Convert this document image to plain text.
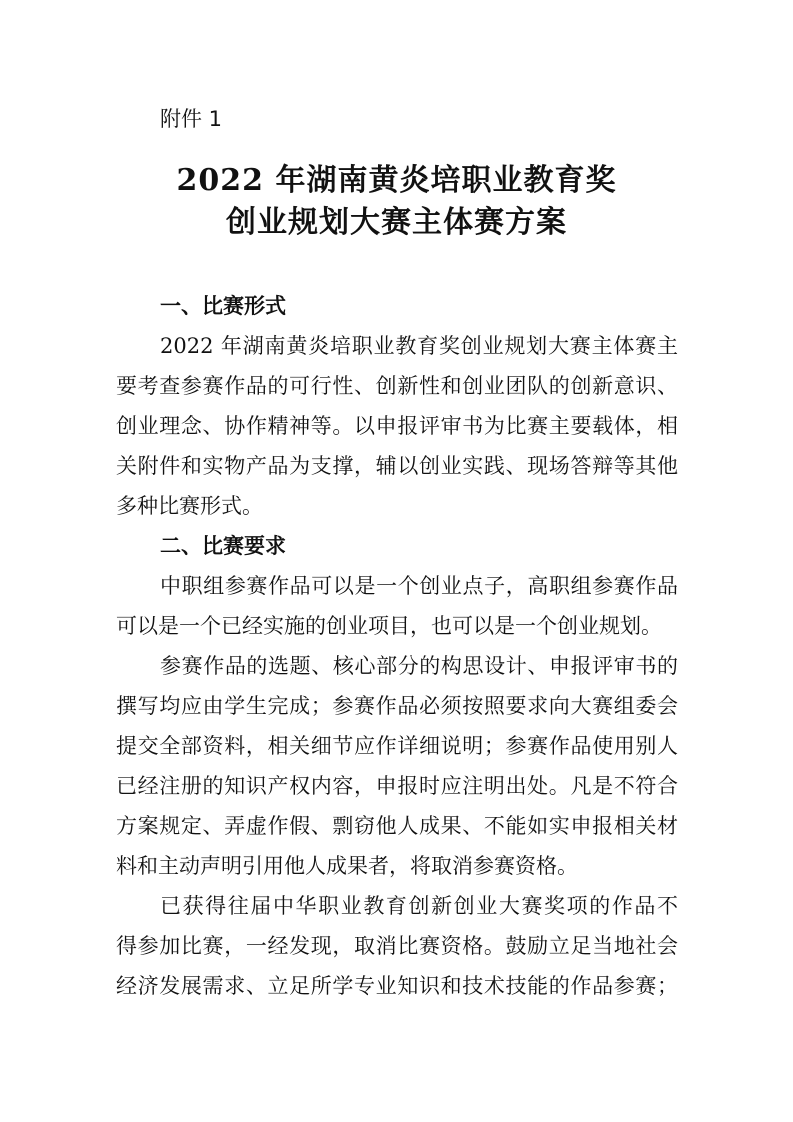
附件 1
2022 年湖南黄炎培职业教育奖
创业规划大赛主体赛方案
一、比赛形式
2022 年湖南黄炎培职业教育奖创业规划大赛主体赛主
要考查参赛作品的可行性、创新性和创业团队的创新意识、
创业理念、协作精神等。以申报评审书为比赛主要载体，相
关附件和实物产品为支撑，辅以创业实践、现场答辩等其他
多种比赛形式。
二、比赛要求
中职组参赛作品可以是一个创业点子，高职组参赛作品
可以是一个已经实施的创业项目，也可以是一个创业规划。
参赛作品的选题、核心部分的构思设计、申报评审书的
撰写均应由学生完成；参赛作品必须按照要求向大赛组委会
提交全部资料，相关细节应作详细说明；参赛作品使用别人
已经注册的知识产权内容，申报时应注明出处。凡是不符合
方案规定、弄虚作假、剽窃他人成果、不能如实申报相关材
料和主动声明引用他人成果者，将取消参赛资格。
已获得往届中华职业教育创新创业大赛奖项的作品不
得参加比赛，一经发现，取消比赛资格。鼓励立足当地社会
经济发展需求、立足所学专业知识和技术技能的作品参赛；
